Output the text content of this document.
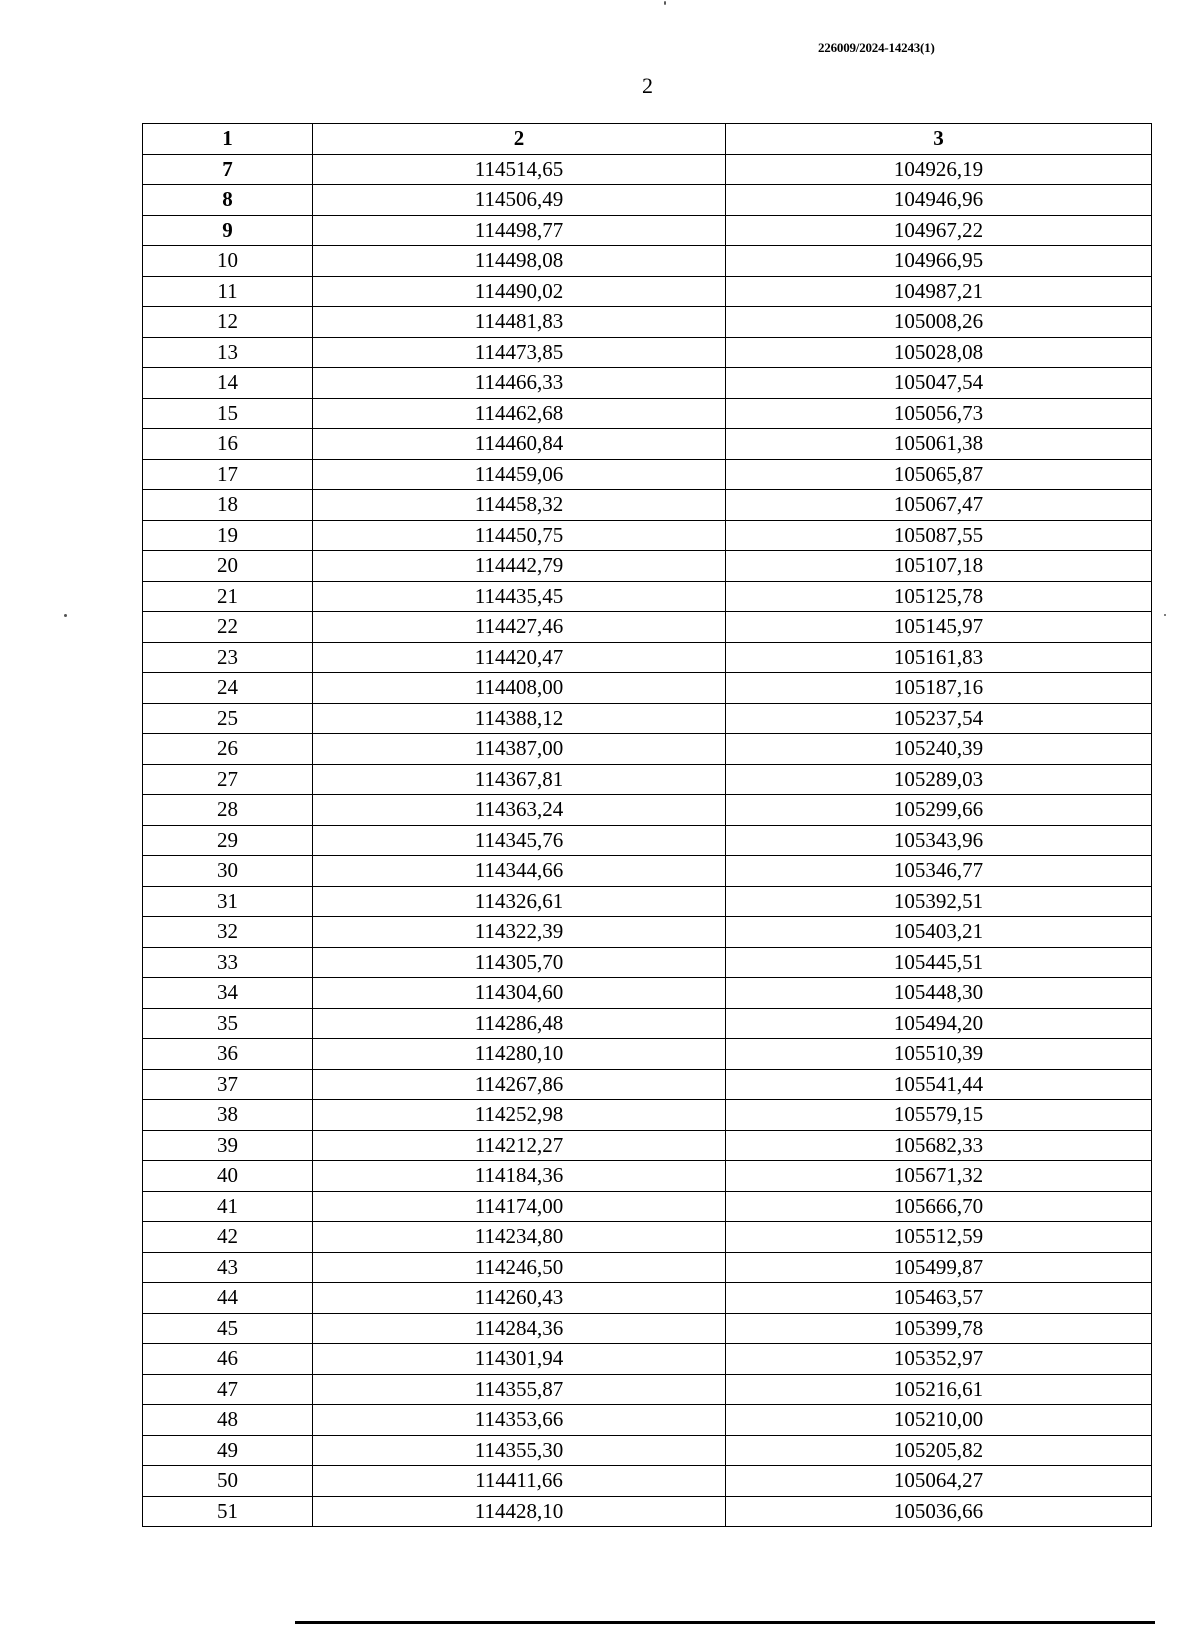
226009/2024-14243(1)
2
1	2	3
7	114514,65	104926,19
8	114506,49	104946,96
9	114498,77	104967,22
10	114498,08	104966,95
11	114490,02	104987,21
12	114481,83	105008,26
13	114473,85	105028,08
14	114466,33	105047,54
15	114462,68	105056,73
16	114460,84	105061,38
17	114459,06	105065,87
18	114458,32	105067,47
19	114450,75	105087,55
20	114442,79	105107,18
21	114435,45	105125,78
22	114427,46	105145,97
23	114420,47	105161,83
24	114408,00	105187,16
25	114388,12	105237,54
26	114387,00	105240,39
27	114367,81	105289,03
28	114363,24	105299,66
29	114345,76	105343,96
30	114344,66	105346,77
31	114326,61	105392,51
32	114322,39	105403,21
33	114305,70	105445,51
34	114304,60	105448,30
35	114286,48	105494,20
36	114280,10	105510,39
37	114267,86	105541,44
38	114252,98	105579,15
39	114212,27	105682,33
40	114184,36	105671,32
41	114174,00	105666,70
42	114234,80	105512,59
43	114246,50	105499,87
44	114260,43	105463,57
45	114284,36	105399,78
46	114301,94	105352,97
47	114355,87	105216,61
48	114353,66	105210,00
49	114355,30	105205,82
50	114411,66	105064,27
51	114428,10	105036,66
